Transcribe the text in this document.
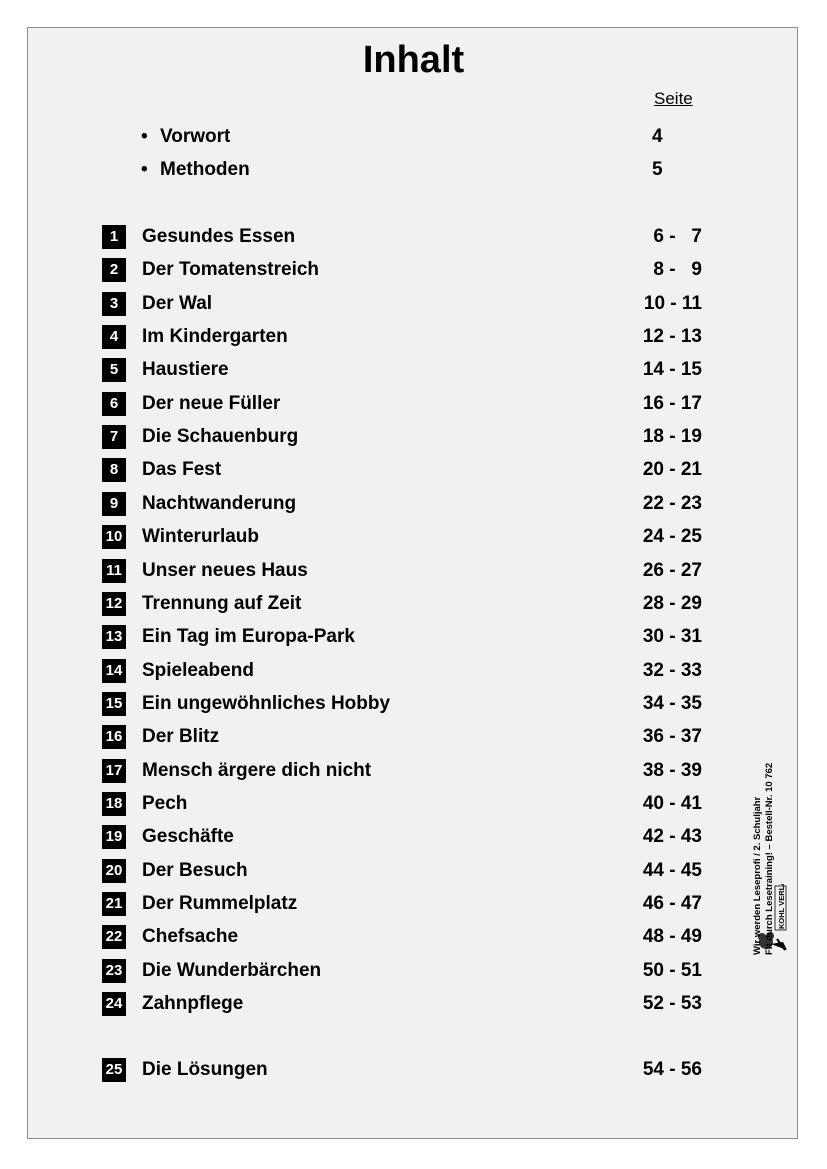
Inhalt
Seite
• Vorwort	4
• Methoden	5
1	Gesundes Essen	6 -   7
2	Der Tomatenstreich	8 -   9
3	Der Wal	10 - 11
4	Im Kindergarten	12 - 13
5	Haustiere	14 - 15
6	Der neue Füller	16 - 17
7	Die Schauenburg	18 - 19
8	Das Fest	20 - 21
9	Nachtwanderung	22 - 23
10 Winterurlaub	24 - 25
11 Unser neues Haus	26 - 27
12 Trennung auf Zeit	28 - 29
13 Ein Tag im Europa-Park	30 - 31
14 Spieleabend	32 - 33
15 Ein ungewöhnliches Hobby	34 - 35
16 Der Blitz	36 - 37
17 Mensch ärgere dich nicht	38 - 39
18 Pech	40 - 41
19 Geschäfte	42 - 43
20 Der Besuch	44 - 45
21 Der Rummelplatz	46 - 47
22 Chefsache	48 - 49
23 Die Wunderbärchen	50 - 51
24 Zahnpflege	52 - 53
25 Die Lösungen	54 - 56
KOHL VERLAG
Wir werden Leseprofi / 2. Schuljahr Fit durch Lesetraining! – Bestell-Nr. 10 762
